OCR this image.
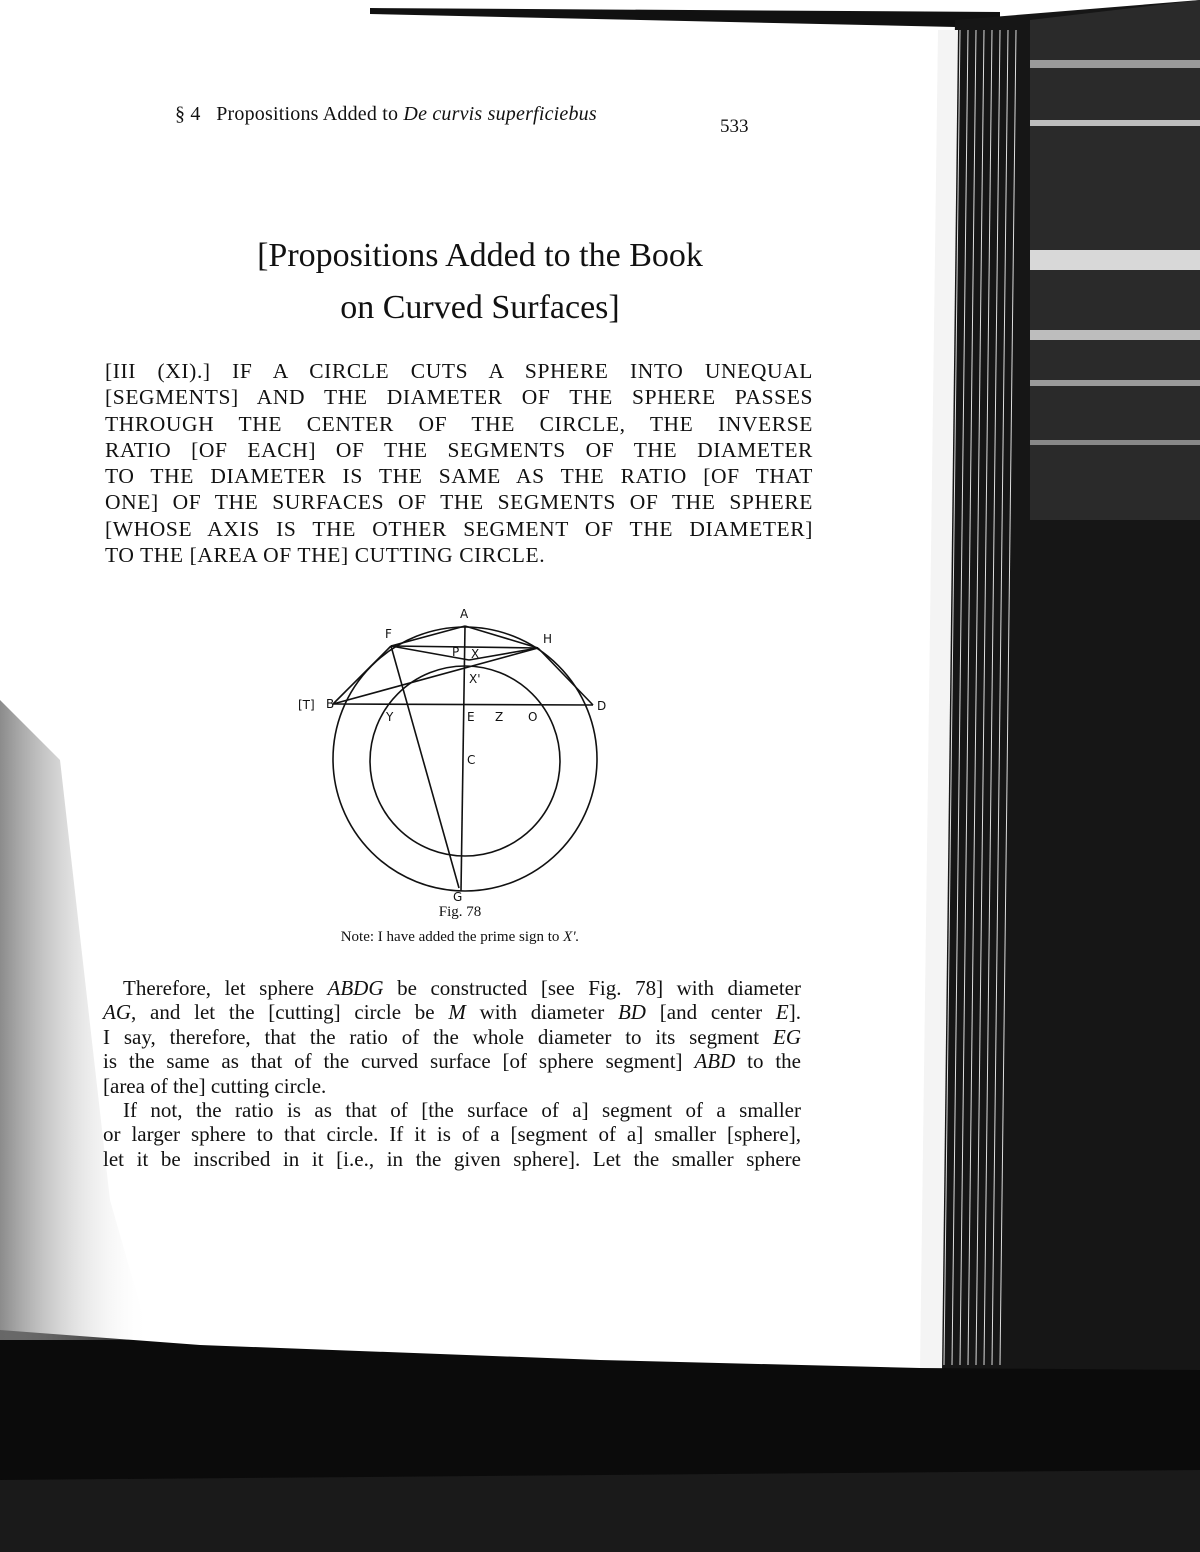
§ 4 Propositions Added to De curvis superficiebus
533
[Propositions Added to the Book
on Curved Surfaces]
[III (XI).] IF A CIRCLE CUTS A SPHERE INTO UNEQUAL
[SEGMENTS] AND THE DIAMETER OF THE SPHERE PASSES
THROUGH THE CENTER OF THE CIRCLE, THE INVERSE
RATIO [OF EACH] OF THE SEGMENTS OF THE DIAMETER
TO THE DIAMETER IS THE SAME AS THE RATIO [OF THAT
ONE] OF THE SURFACES OF THE SEGMENTS OF THE SPHERE
[WHOSE AXIS IS THE OTHER SEGMENT OF THE DIAMETER]
TO THE [AREA OF THE] CUTTING CIRCLE.
A
F	H
P X
X'
[T] B
Y	E Z O
D
C
G
Fig. 78
Note: I have added the prime sign to X'.
Therefore, let sphere ABDG be constructed [see Fig. 78] with diameter
AG, and let the [cutting] circle be M with diameter BD [and center E].
I say, therefore, that the ratio of the whole diameter to its segment EG
is the same as that of the curved surface [of sphere segment] ABD to the
[area of the] cutting circle.
If not, the ratio is as that of [the surface of a] segment of a smaller
or larger sphere to that circle. If it is of a [segment of a] smaller [sphere],
let it be inscribed in it [i.e., in the given sphere]. Let the smaller sphere
